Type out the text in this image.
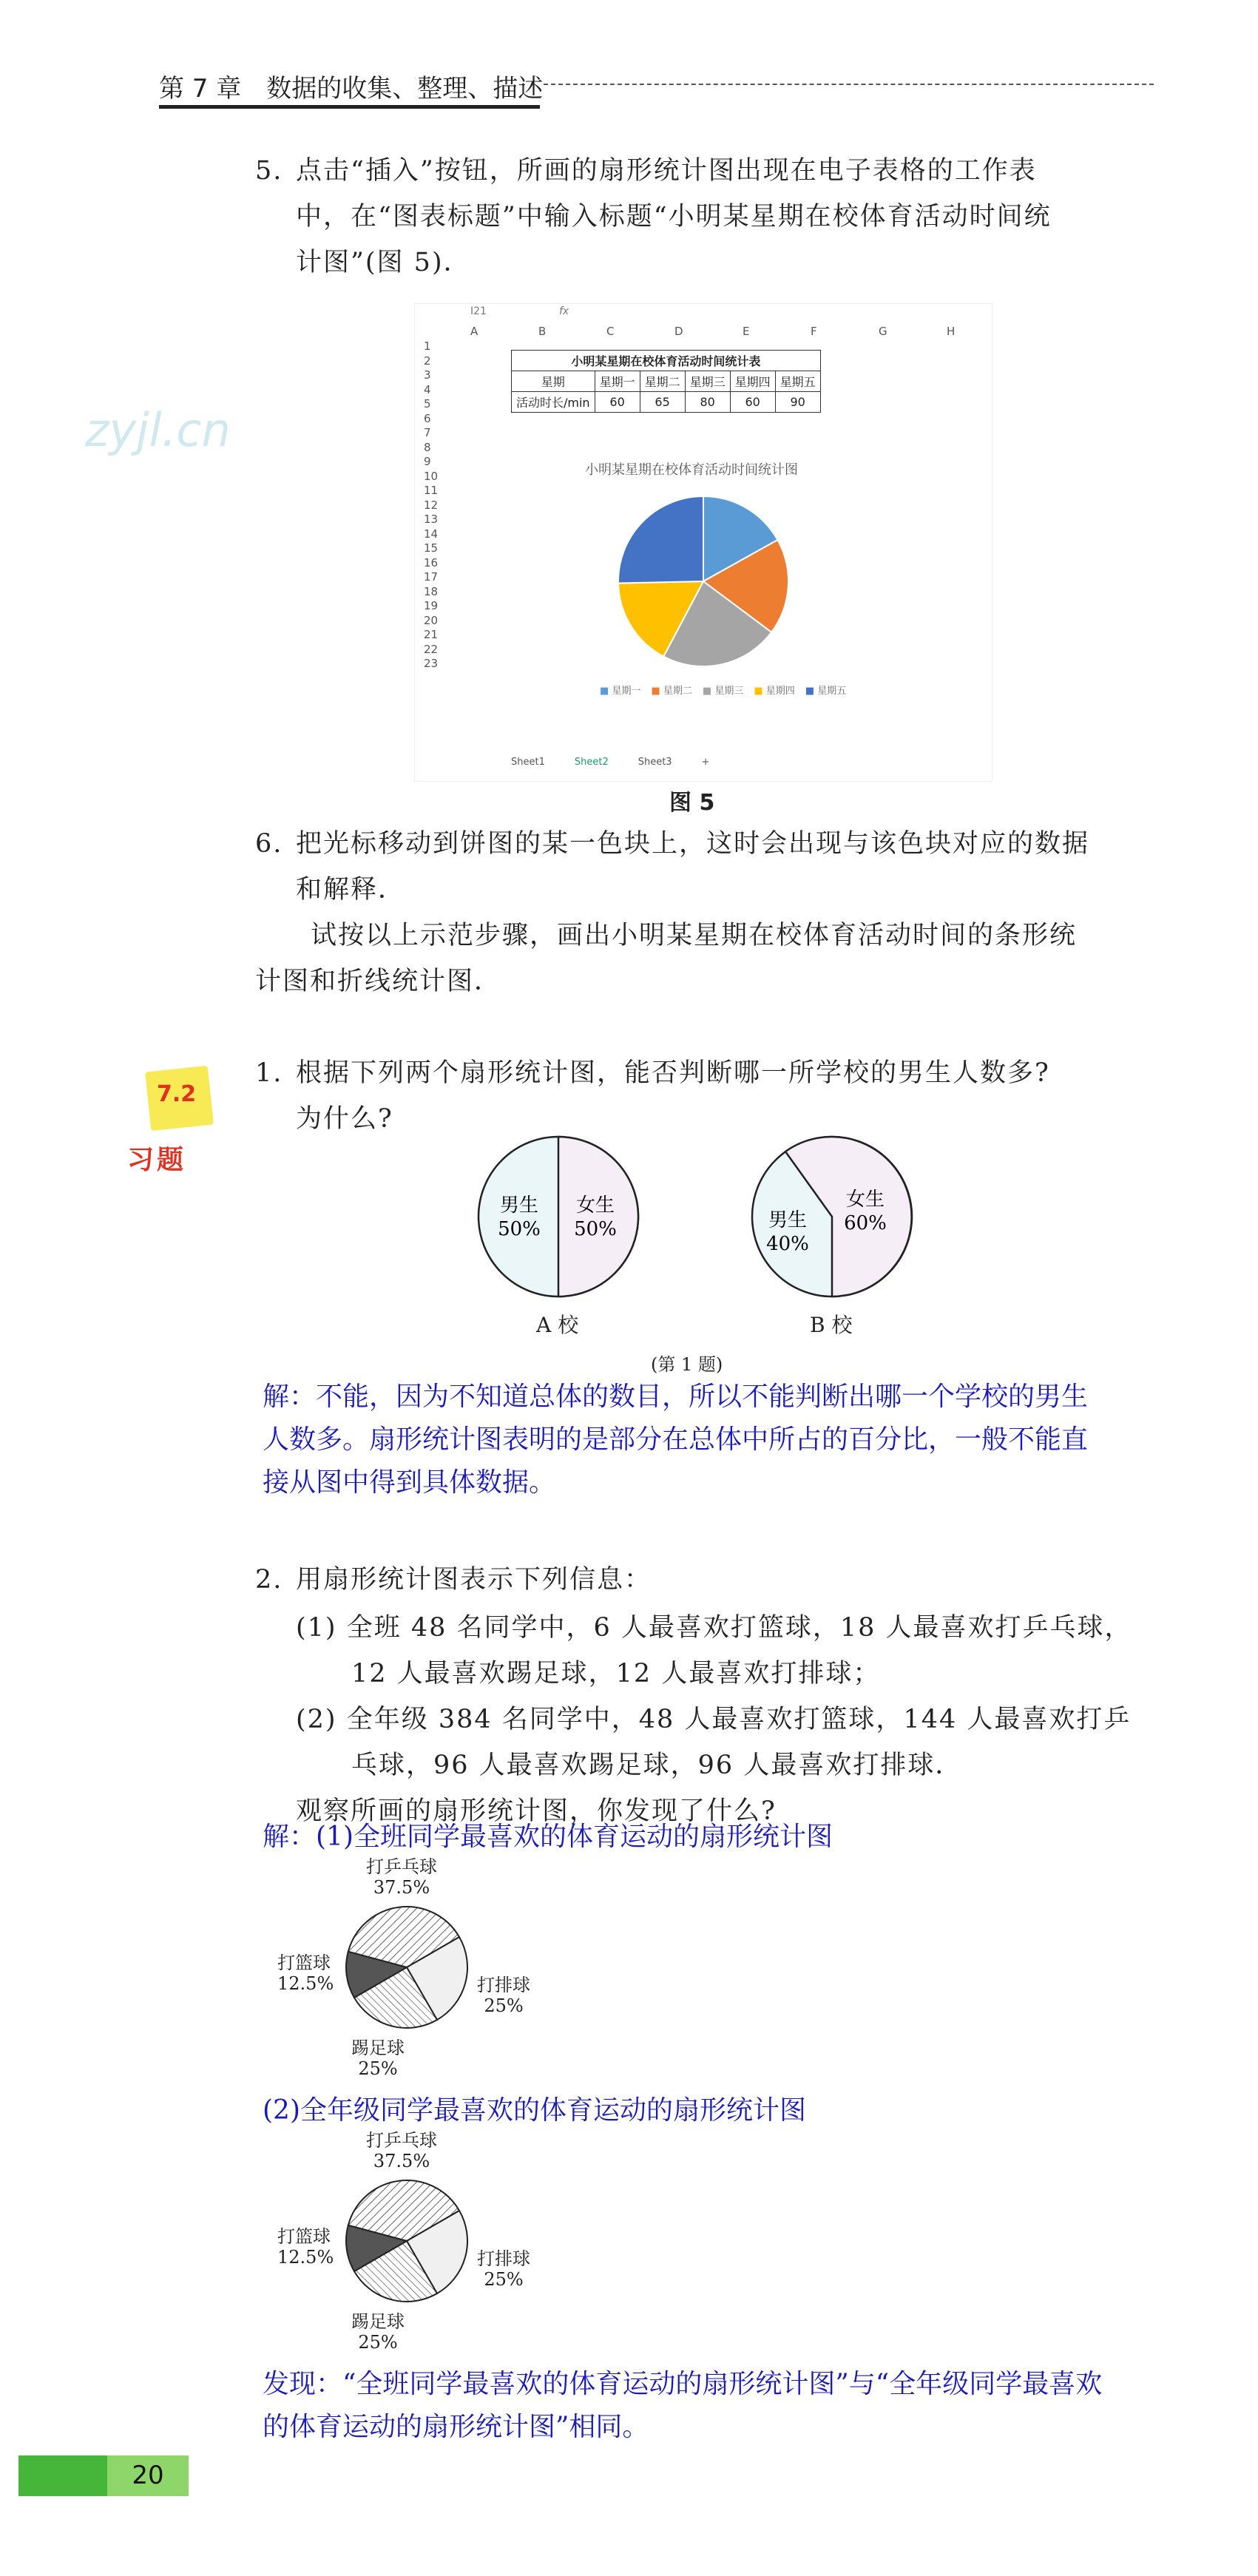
第 7 章　数据的收集、整理、描述
zyjl.cn
5. 点击“插入”按钮，所画的扇形统计图出现在电子表格的工作表
中，在“图表标题”中输入标题“小明某星期在校体育活动时间统
计图”(图 5)．
I21	fx
A	B	C	D	E	F	G	H
1
2
3
4
5
6
7
8
9
10
11
12
13
14
15
16
17
18
19
20
21
22
23
小明某星期在校体育活动时间统计表					
星期	星期一	星期二	星期三	星期四	星期五
活动时长/min	60	65	80	60	90
小明某星期在校体育活动时间统计图
■ 星期一 ■ 星期二 ■ 星期三 ■ 星期四 ■ 星期五
Sheet1	Sheet2	Sheet3	+
图 5
6. 把光标移动到饼图的某一色块上，这时会出现与该色块对应的数据
和解释．
试按以上示范步骤，画出小明某星期在校体育活动时间的条形统
计图和折线统计图．
7.2
习题
1. 根据下列两个扇形统计图，能否判断哪一所学校的男生人数多?
为什么?
男生
50%
女生
50%
A 校
男生
40%
女生
60%
B 校
(第 1 题)
解：不能，因为不知道总体的数目，所以不能判断出哪一个学校的男生
人数多。扇形统计图表明的是部分在总体中所占的百分比，一般不能直
接从图中得到具体数据。
2. 用扇形统计图表示下列信息：
(1) 全班 48 名同学中，6 人最喜欢打篮球，18 人最喜欢打乒乓球，
12 人最喜欢踢足球，12 人最喜欢打排球；
(2) 全年级 384 名同学中，48 人最喜欢打篮球，144 人最喜欢打乒
乓球，96 人最喜欢踢足球，96 人最喜欢打排球．
观察所画的扇形统计图，你发现了什么?
解：(1)全班同学最喜欢的体育运动的扇形统计图
打乒乓球
37.5%
打篮球
12.5%	打排球
25%
踢足球
25%
(2)全年级同学最喜欢的体育运动的扇形统计图
打乒乓球
37.5%
打篮球
12.5%	打排球
25%
踢足球
25%
发现：“全班同学最喜欢的体育运动的扇形统计图”与“全年级同学最喜欢
的体育运动的扇形统计图”相同。
20
